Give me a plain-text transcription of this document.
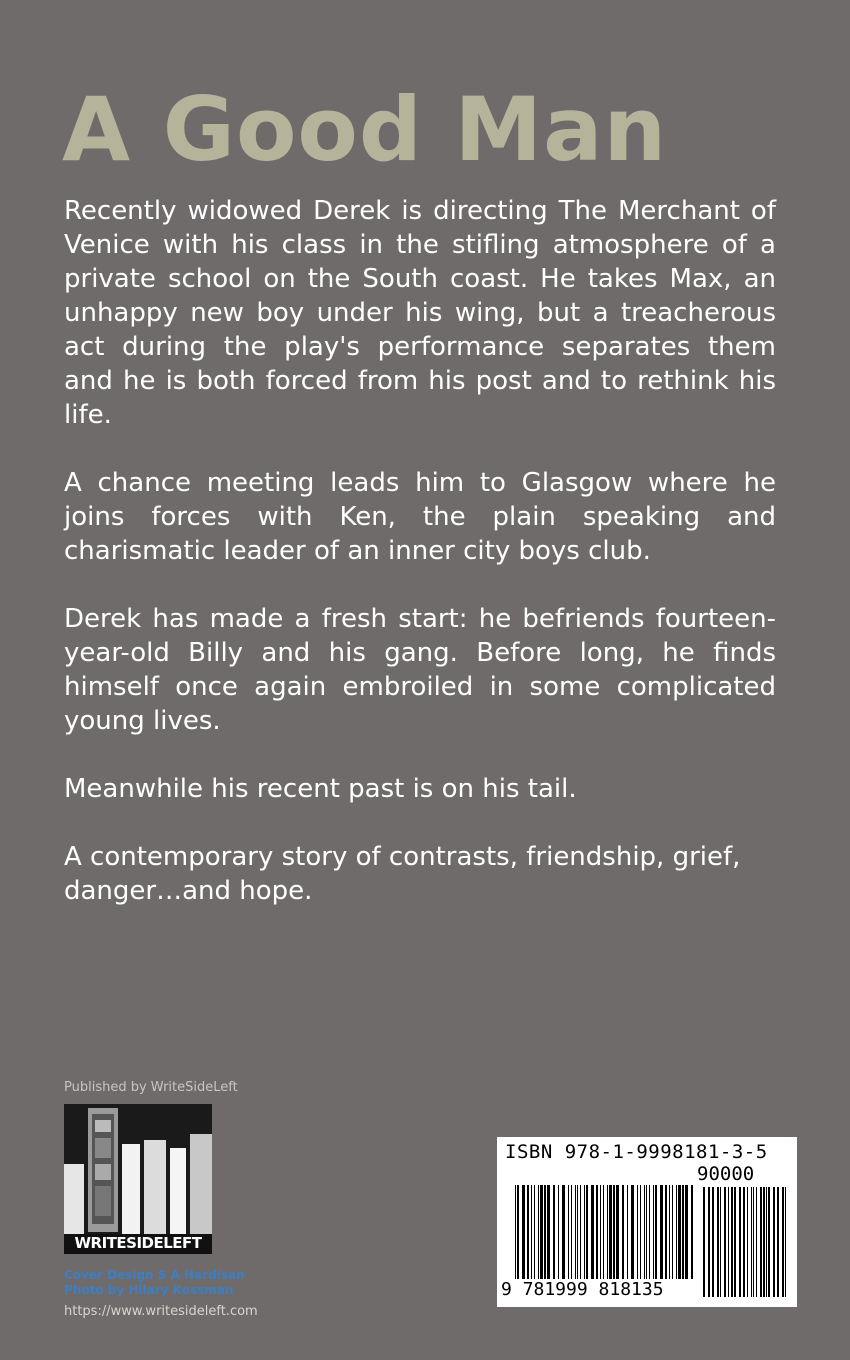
A Good Man

Recently widowed Derek is directing The Merchant of Venice with his class in the stifling atmosphere of a private school on the South coast. He takes Max, an unhappy new boy under his wing, but a treacherous act during the play's performance separates them and he is both forced from his post and to rethink his life.

A chance meeting leads him to Glasgow where he joins forces with Ken, the plain speaking and charismatic leader of an inner city boys club.

Derek has made a fresh start: he befriends fourteen-year-old Billy and his gang. Before long, he finds himself once again embroiled in some complicated young lives.

Meanwhile his recent past is on his tail.

A contemporary story of contrasts, friendship, grief, danger…and hope.

Published by WriteSideLeft
WRITESIDELEFT
Cover Design S A Hardisan
Photo by Hilary Kossman
https://www.writesideleft.com
ISBN 978-1-9998181-3-5
90000
9 781999 818135
